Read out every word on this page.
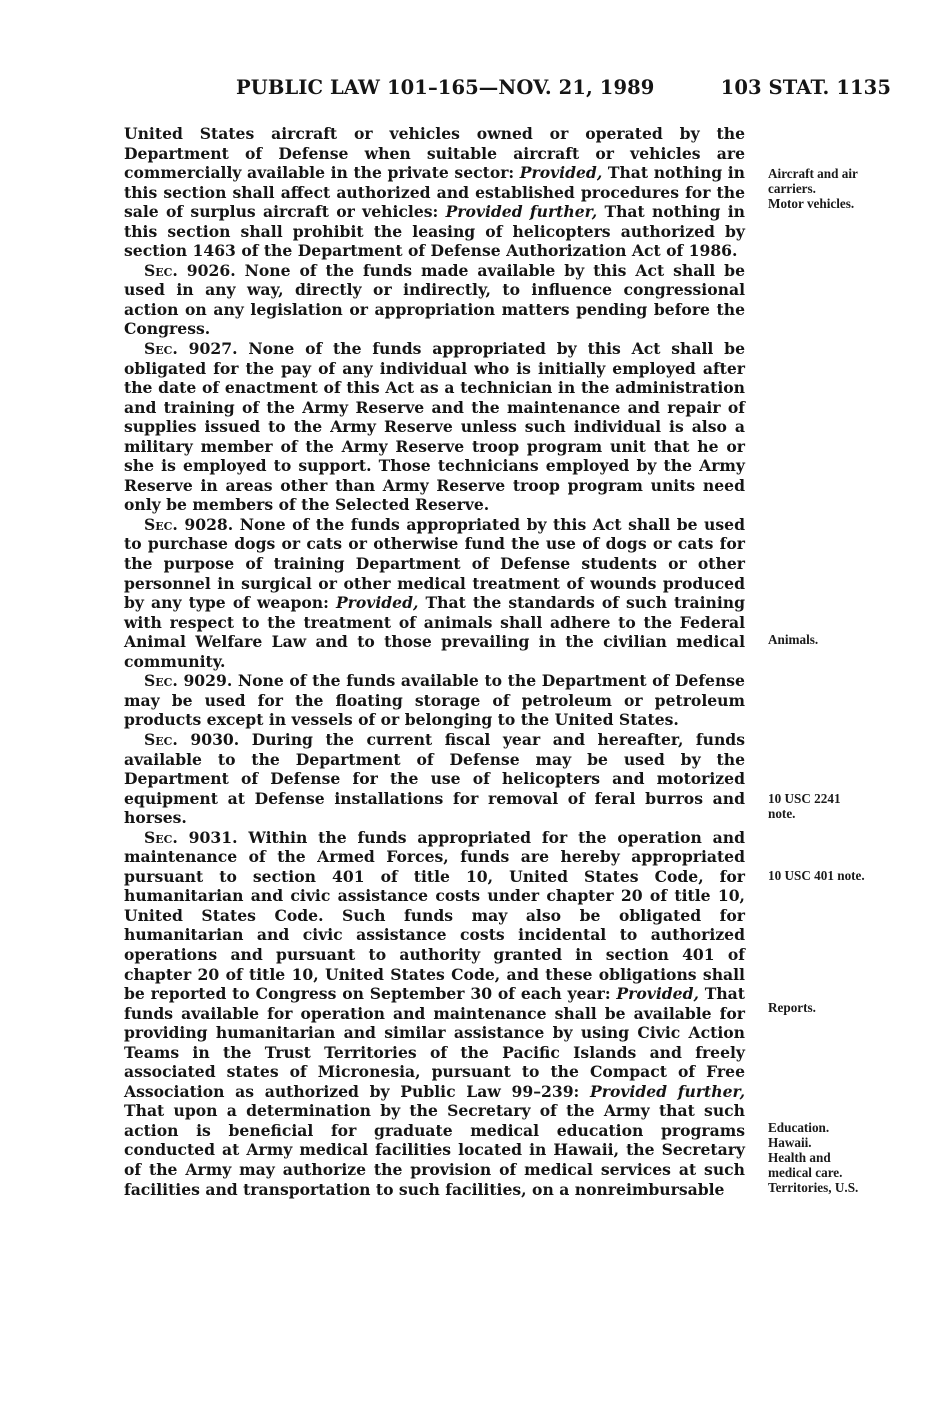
PUBLIC LAW 101–165—NOV. 21, 1989	103 STAT. 1135

United States aircraft or vehicles owned or operated by the Department of Defense when suitable aircraft or vehicles are commercially available in the private sector: Provided, That nothing in this section shall affect authorized and established procedures for the sale of surplus aircraft or vehicles: Provided further, That nothing in this section shall prohibit the leasing of helicopters authorized by section 1463 of the Department of Defense Authorization Act of 1986.

Sec. 9026. None of the funds made available by this Act shall be used in any way, directly or indirectly, to influence congressional action on any legislation or appropriation matters pending before the Congress.

Sec. 9027. None of the funds appropriated by this Act shall be obligated for the pay of any individual who is initially employed after the date of enactment of this Act as a technician in the administration and training of the Army Reserve and the maintenance and repair of supplies issued to the Army Reserve unless such individual is also a military member of the Army Reserve troop program unit that he or she is employed to support. Those technicians employed by the Army Reserve in areas other than Army Reserve troop program units need only be members of the Selected Reserve.

Sec. 9028. None of the funds appropriated by this Act shall be used to purchase dogs or cats or otherwise fund the use of dogs or cats for the purpose of training Department of Defense students or other personnel in surgical or other medical treatment of wounds produced by any type of weapon: Provided, That the standards of such training with respect to the treatment of animals shall adhere to the Federal Animal Welfare Law and to those prevailing in the civilian medical community.

Sec. 9029. None of the funds available to the Department of Defense may be used for the floating storage of petroleum or petroleum products except in vessels of or belonging to the United States.

Sec. 9030. During the current fiscal year and hereafter, funds available to the Department of Defense may be used by the Department of Defense for the use of helicopters and motorized equipment at Defense installations for removal of feral burros and horses.

Sec. 9031. Within the funds appropriated for the operation and maintenance of the Armed Forces, funds are hereby appropriated pursuant to section 401 of title 10, United States Code, for humanitarian and civic assistance costs under chapter 20 of title 10, United States Code. Such funds may also be obligated for humanitarian and civic assistance costs incidental to authorized operations and pursuant to authority granted in section 401 of chapter 20 of title 10, United States Code, and these obligations shall be reported to Congress on September 30 of each year: Provided, That funds available for operation and maintenance shall be available for providing humanitarian and similar assistance by using Civic Action Teams in the Trust Territories of the Pacific Islands and freely associated states of Micronesia, pursuant to the Compact of Free Association as authorized by Public Law 99–239: Provided further, That upon a determination by the Secretary of the Army that such action is beneficial for graduate medical education programs conducted at Army medical facilities located in Hawaii, the Secretary of the Army may authorize the provision of medical services at such facilities and transportation to such facilities, on a nonreimbursable

Aircraft and air
carriers.
Motor vehicles.
Animals.
10 USC 2241
note.
10 USC 401 note.
Reports.
Education.
Hawaii.
Health and
medical care.
Territories, U.S.
